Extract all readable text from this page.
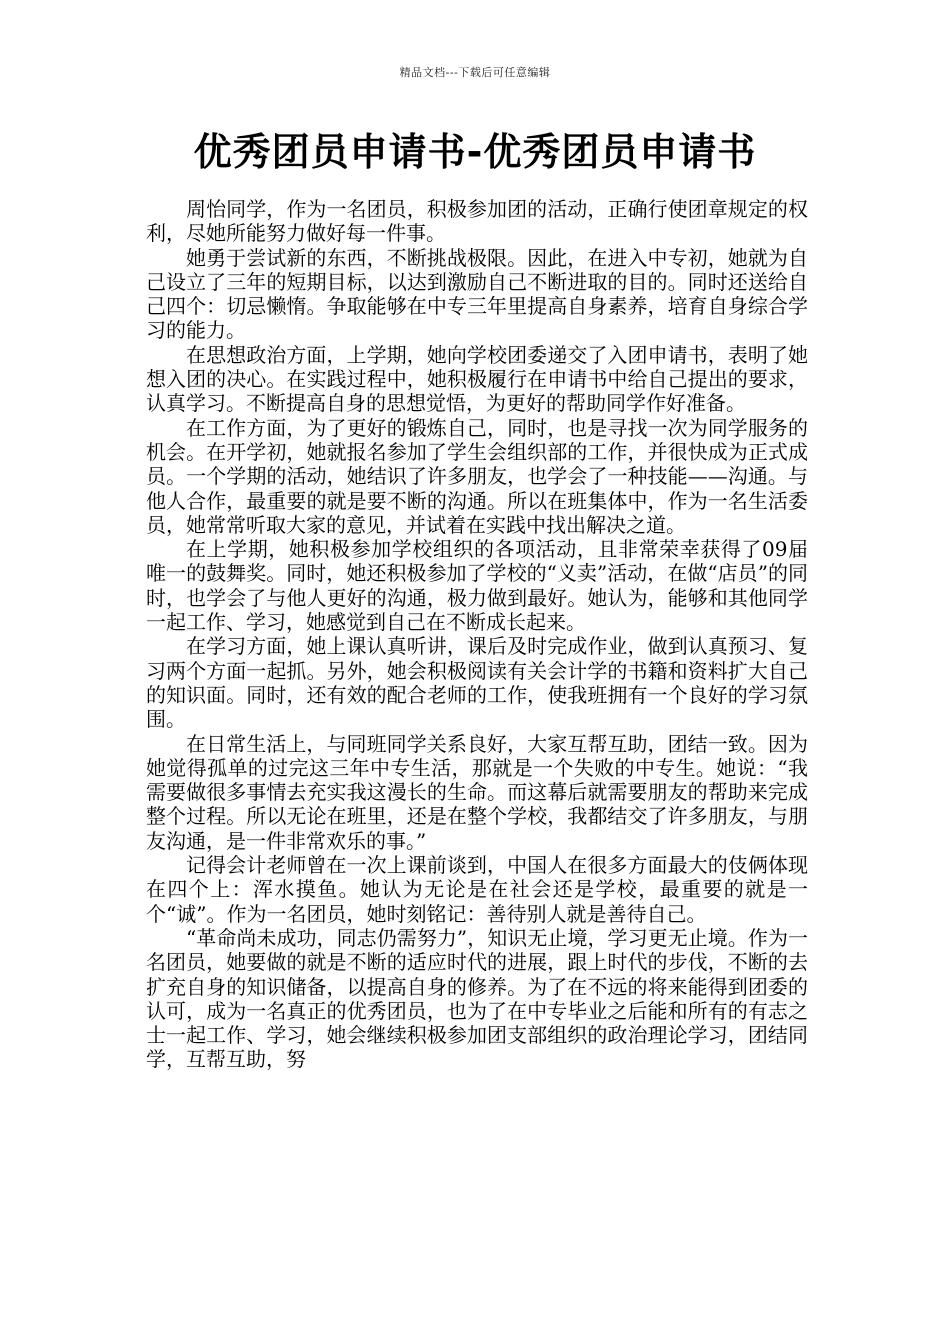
精品文档---下载后可任意编辑
优秀团员申请书-优秀团员申请书

周怡同学，作为一名团员，积极参加团的活动，正确行使团章规定的权利，尽她所能努力做好每一件事。

她勇于尝试新的东西，不断挑战极限。因此，在进入中专初，她就为自己设立了三年的短期目标，以达到激励自己不断进取的目的。同时还送给自己四个：切忌懒惰。争取能够在中专三年里提高自身素养，培育自身综合学习的能力。

在思想政治方面，上学期，她向学校团委递交了入团申请书，表明了她想入团的决心。在实践过程中，她积极履行在申请书中给自己提出的要求，认真学习。不断提高自身的思想觉悟，为更好的帮助同学作好准备。

在工作方面，为了更好的锻炼自己，同时，也是寻找一次为同学服务的机会。在开学初，她就报名参加了学生会组织部的工作，并很快成为正式成员。一个学期的活动，她结识了许多朋友，也学会了一种技能——沟通。与他人合作，最重要的就是要不断的沟通。所以在班集体中，作为一名生活委员，她常常听取大家的意见，并试着在实践中找出解决之道。

在上学期，她积极参加学校组织的各项活动，且非常荣幸获得了09届唯一的鼓舞奖。同时，她还积极参加了学校的“义卖”活动，在做“店员”的同时，也学会了与他人更好的沟通，极力做到最好。她认为，能够和其他同学一起工作、学习，她感觉到自己在不断成长起来。

在学习方面，她上课认真听讲，课后及时完成作业，做到认真预习、复习两个方面一起抓。另外，她会积极阅读有关会计学的书籍和资料扩大自己的知识面。同时，还有效的配合老师的工作，使我班拥有一个良好的学习氛围。

在日常生活上，与同班同学关系良好，大家互帮互助，团结一致。因为她觉得孤单的过完这三年中专生活，那就是一个失败的中专生。她说：“我需要做很多事情去充实我这漫长的生命。而这幕后就需要朋友的帮助来完成整个过程。所以无论在班里，还是在整个学校，我都结交了许多朋友，与朋友沟通，是一件非常欢乐的事。”

记得会计老师曾在一次上课前谈到，中国人在很多方面最大的伎俩体现在四个上：浑水摸鱼。她认为无论是在社会还是学校，最重要的就是一个“诚”。作为一名团员，她时刻铭记：善待别人就是善待自己。

“革命尚未成功，同志仍需努力”，知识无止境，学习更无止境。作为一名团员，她要做的就是不断的适应时代的进展，跟上时代的步伐，不断的去扩充自身的知识储备，以提高自身的修养。为了在不远的将来能得到团委的认可，成为一名真正的优秀团员，也为了在中专毕业之后能和所有的有志之士一起工作、学习，她会继续积极参加团支部组织的政治理论学习，团结同学，互帮互助，努
